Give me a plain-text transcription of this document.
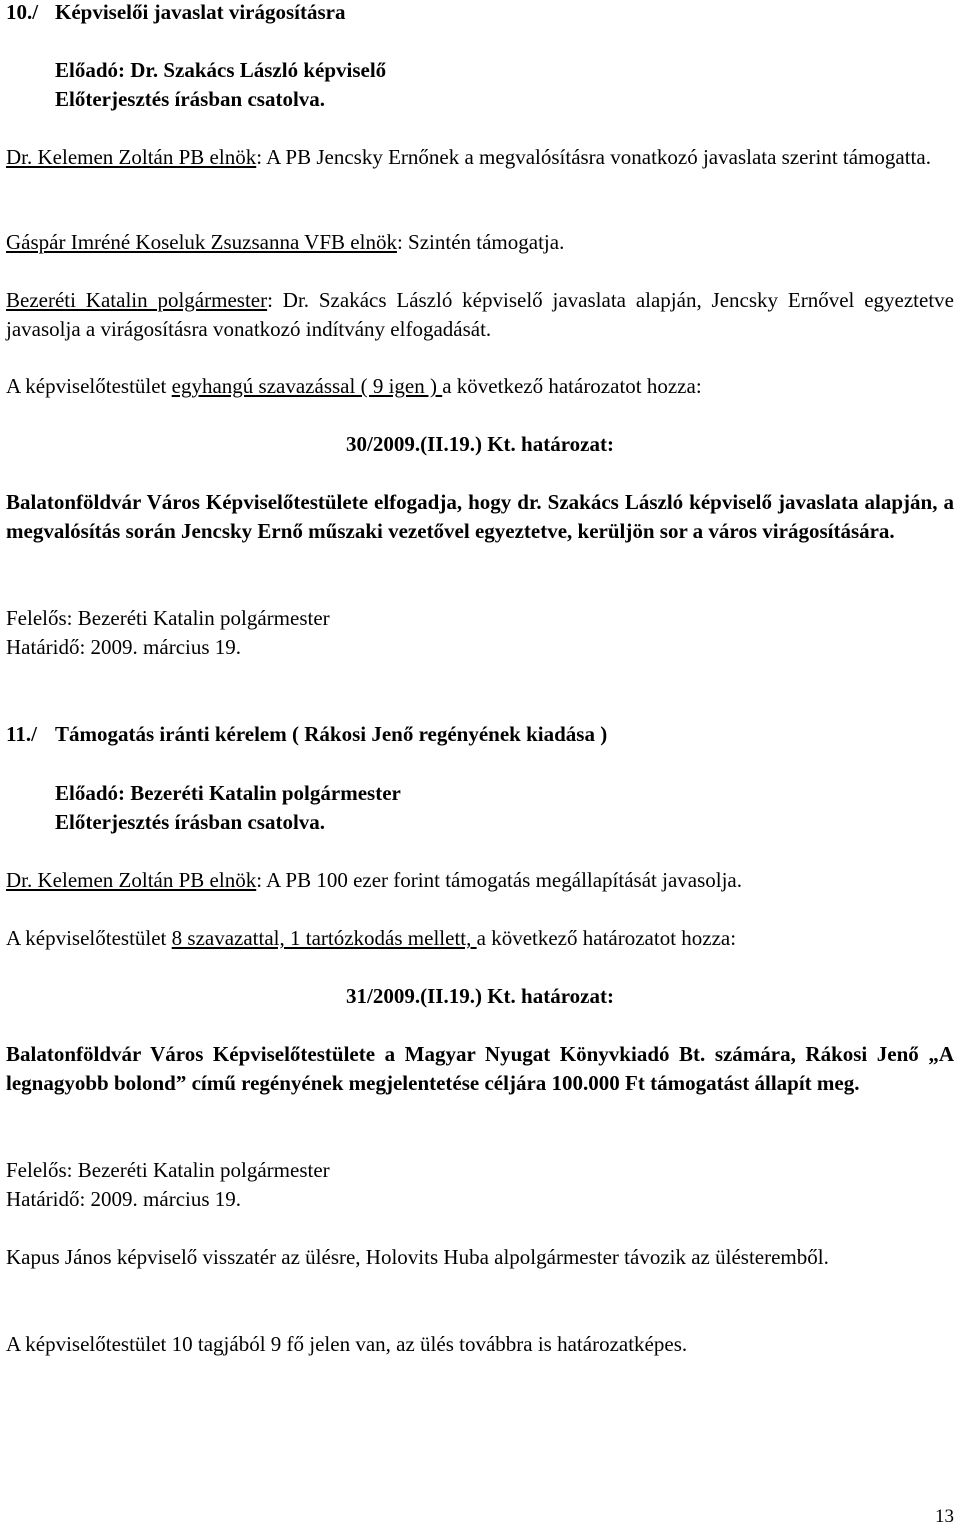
10./ Képviselői javaslat virágosításra

Előadó: Dr. Szakács László képviselő

Előterjesztés írásban csatolva.

Dr. Kelemen Zoltán PB elnök: A PB Jencsky Ernőnek a megvalósításra vonatkozó javaslata szerint támogatta.

Gáspár Imréné Koseluk Zsuzsanna VFB elnök: Szintén támogatja.

Bezeréti Katalin polgármester: Dr. Szakács László képviselő javaslata alapján, Jencsky Ernővel egyeztetve javasolja a virágosításra vonatkozó indítvány elfogadását.

A képviselőtestület egyhangú szavazással ( 9 igen ) a következő határozatot hozza:

30/2009.(II.19.) Kt. határozat:

Balatonföldvár Város Képviselőtestülete elfogadja, hogy dr. Szakács László képviselő javaslata alapján, a megvalósítás során Jencsky Ernő műszaki vezetővel egyeztetve, kerüljön sor a város virágosítására.

Felelős: Bezeréti Katalin polgármester

Határidő: 2009. március 19.

11./ Támogatás iránti kérelem ( Rákosi Jenő regényének kiadása )

Előadó: Bezeréti Katalin polgármester

Előterjesztés írásban csatolva.

Dr. Kelemen Zoltán PB elnök: A PB 100 ezer forint támogatás megállapítását javasolja.

A képviselőtestület 8 szavazattal, 1 tartózkodás mellett, a következő határozatot hozza:

31/2009.(II.19.) Kt. határozat:

Balatonföldvár Város Képviselőtestülete a Magyar Nyugat Könyvkiadó Bt. számára, Rákosi Jenő „A legnagyobb bolond” című regényének megjelentetése céljára 100.000 Ft támogatást állapít meg.

Felelős: Bezeréti Katalin polgármester

Határidő: 2009. március 19.

Kapus János képviselő visszatér az ülésre, Holovits Huba alpolgármester távozik az ülésteremből.

A képviselőtestület 10 tagjából 9 fő jelen van, az ülés továbbra is határozatképes.

13
